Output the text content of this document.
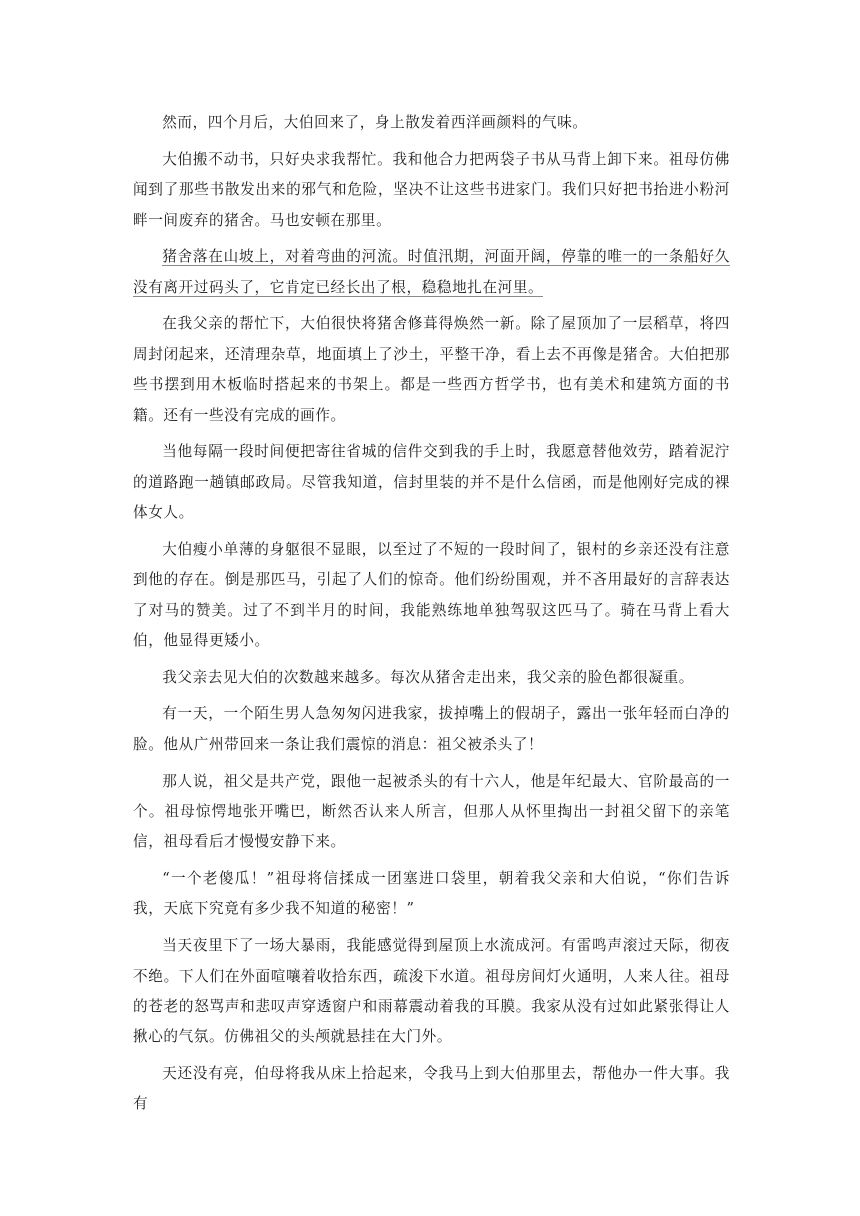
然而，四个月后，大伯回来了，身上散发着西洋画颜料的气味。

大伯搬不动书，只好央求我帮忙。我和他合力把两袋子书从马背上卸下来。祖母仿佛闻到了那些书散发出来的邪气和危险，坚决不让这些书进家门。我们只好把书抬进小粉河畔一间废弃的猪舍。马也安顿在那里。

猪舍落在山坡上，对着弯曲的河流。时值汛期，河面开阔，停靠的唯一的一条船好久没有离开过码头了，它肯定已经长出了根，稳稳地扎在河里。

在我父亲的帮忙下，大伯很快将猪舍修葺得焕然一新。除了屋顶加了一层稻草，将四周封闭起来，还清理杂草，地面填上了沙土，平整干净，看上去不再像是猪舍。大伯把那些书摆到用木板临时搭起来的书架上。都是一些西方哲学书，也有美术和建筑方面的书籍。还有一些没有完成的画作。

当他每隔一段时间便把寄往省城的信件交到我的手上时，我愿意替他效劳，踏着泥泞的道路跑一趟镇邮政局。尽管我知道，信封里装的并不是什么信函，而是他刚好完成的裸体女人。

大伯瘦小单薄的身躯很不显眼，以至过了不短的一段时间了，银村的乡亲还没有注意到他的存在。倒是那匹马，引起了人们的惊奇。他们纷纷围观，并不吝用最好的言辞表达了对马的赞美。过了不到半月的时间，我能熟练地单独驾驭这匹马了。骑在马背上看大伯，他显得更矮小。

我父亲去见大伯的次数越来越多。每次从猪舍走出来，我父亲的脸色都很凝重。

有一天，一个陌生男人急匆匆闪进我家，拔掉嘴上的假胡子，露出一张年轻而白净的脸。他从广州带回来一条让我们震惊的消息：祖父被杀头了！

那人说，祖父是共产党，跟他一起被杀头的有十六人，他是年纪最大、官阶最高的一个。祖母惊愕地张开嘴巴，断然否认来人所言，但那人从怀里掏出一封祖父留下的亲笔信，祖母看后才慢慢安静下来。

“一个老傻瓜！”祖母将信揉成一团塞进口袋里，朝着我父亲和大伯说，“你们告诉我，天底下究竟有多少我不知道的秘密！”

当天夜里下了一场大暴雨，我能感觉得到屋顶上水流成河。有雷鸣声滚过天际，彻夜不绝。下人们在外面喧嚷着收拾东西，疏浚下水道。祖母房间灯火通明，人来人往。祖母的苍老的怒骂声和悲叹声穿透窗户和雨幕震动着我的耳膜。我家从没有过如此紧张得让人揪心的气氛。仿佛祖父的头颅就悬挂在大门外。

天还没有亮，伯母将我从床上拾起来，令我马上到大伯那里去，帮他办一件大事。我有
